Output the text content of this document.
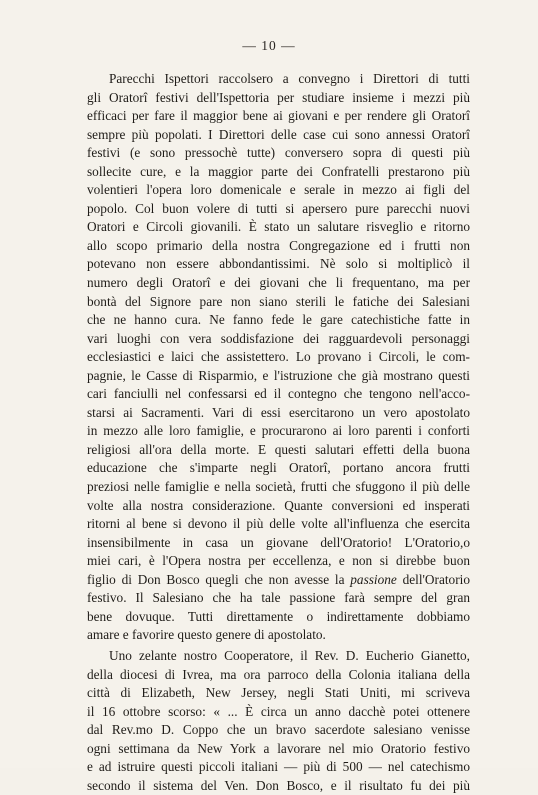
— 10 —
Parecchi Ispettori raccolsero a convegno i Direttori di tutti
gli Oratorî festivi dell'Ispettoria per studiare insieme i mezzi più
efficaci per fare il maggior bene ai giovani e per rendere gli Oratorî
sempre più popolati. I Direttori delle case cui sono annessi Oratorî
festivi (e sono pressochè tutte) conversero sopra di questi più
sollecite cure, e la maggior parte dei Confratelli prestarono più
volentieri l'opera loro domenicale e serale in mezzo ai figli del
popolo. Col buon volere di tutti si apersero pure parecchi nuovi
Oratori e Circoli giovanili. È stato un salutare risveglio e ritorno
allo scopo primario della nostra Congregazione ed i frutti non
potevano non essere abbondantissimi. Nè solo si moltiplicò il
numero degli Oratorî e dei giovani che li frequentano, ma per
bontà del Signore pare non siano sterili le fatiche dei Salesiani
che ne hanno cura. Ne fanno fede le gare catechistiche fatte in
vari luoghi con vera soddisfazione dei ragguardevoli personaggi
ecclesiastici e laici che assistettero. Lo provano i Circoli, le com-
pagnie, le Casse di Risparmio, e l'istruzione che già mostrano questi
cari fanciulli nel confessarsi ed il contegno che tengono nell'acco-
starsi ai Sacramenti. Vari di essi esercitarono un vero apostolato
in mezzo alle loro famiglie, e procurarono ai loro parenti i conforti
religiosi all'ora della morte. E questi salutari effetti della buona
educazione che s'imparte negli Oratorî, portano ancora frutti
preziosi nelle famiglie e nella società, frutti che sfuggono il più delle
volte alla nostra considerazione. Quante conversioni ed insperati
ritorni al bene si devono il più delle volte all'influenza che esercita
insensibilmente in casa un giovane dell'Oratorio! L'Oratorio,o
miei cari, è l'Opera nostra per eccellenza, e non si direbbe buon
figlio di Don Bosco quegli che non avesse la passione dell'Oratorio
festivo. Il Salesiano che ha tale passione farà sempre del gran
bene dovuque. Tutti direttamente o indirettamente dobbiamo
amare e favorire questo genere di apostolato.
Uno zelante nostro Cooperatore, il Rev. D. Eucherio Gianetto,
della diocesi di Ivrea, ma ora parroco della Colonia italiana della
città di Elizabeth, New Jersey, negli Stati Uniti, mi scriveva
il 16 ottobre scorso: « ... È circa un anno dacchè potei ottenere
dal Rev.mo D. Coppo che un bravo sacerdote salesiano venisse
ogni settimana da New York a lavorare nel mio Oratorio festivo
e ad istruire questi piccoli italiani — più di 500 — nel catechismo
secondo il sistema del Ven. Don Bosco, e il risultato fu dei più
